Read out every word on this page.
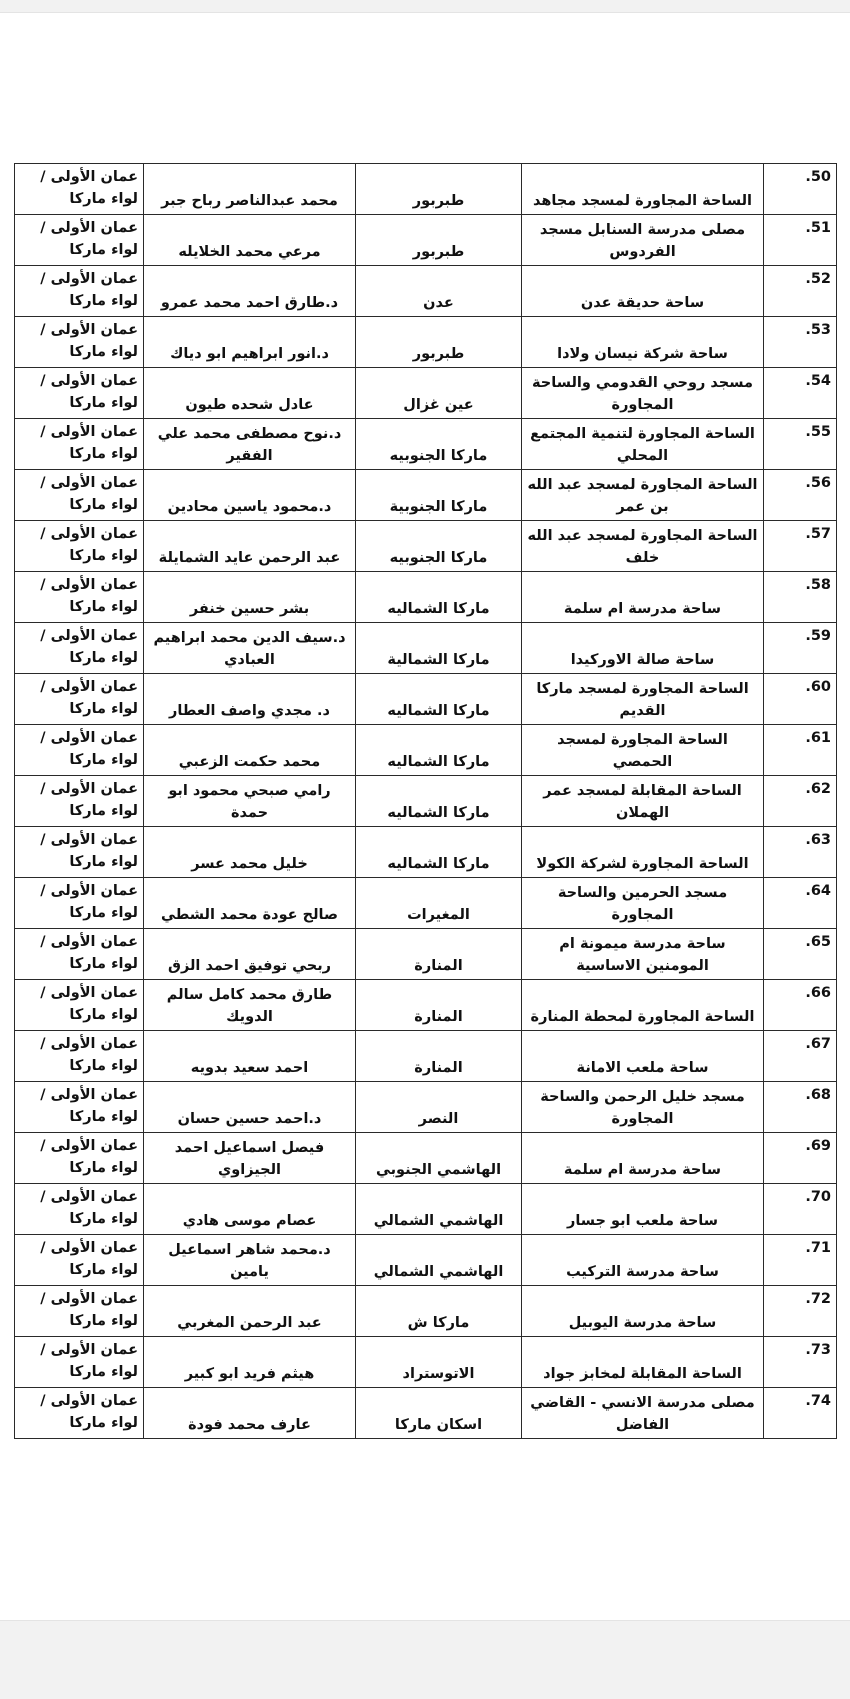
.50	الساحة المجاورة لمسجد مجاهد	طبربور	محمد عبدالناصر رباح جبر	عمان الأولى / لواء ماركا
.51	مصلى مدرسة السنابل مسجد الفردوس	طبربور	مرعي محمد الخلايله	عمان الأولى / لواء ماركا
.52	ساحة حديقة عدن	عدن	د.طارق احمد محمد عمرو	عمان الأولى / لواء ماركا
.53	ساحة شركة نيسان ولادا	طبربور	د.انور ابراهيم ابو دياك	عمان الأولى / لواء ماركا
.54	مسجد روحي القدومي والساحة المجاورة	عين غزال	عادل شحده طيون	عمان الأولى / لواء ماركا
.55	الساحة المجاورة لتنمية المجتمع المحلي	ماركا الجنوبيه	د.نوح مصطفى محمد علي الفقير	عمان الأولى / لواء ماركا
.56	الساحة المجاورة لمسجد عبد الله بن عمر	ماركا الجنوبية	د.محمود ياسين محادين	عمان الأولى / لواء ماركا
.57	الساحة المجاورة لمسجد عبد الله خلف	ماركا الجنوبيه	عبد الرحمن عايد الشمايلة	عمان الأولى / لواء ماركا
.58	ساحة مدرسة ام سلمة	ماركا الشماليه	بشر حسين خنفر	عمان الأولى / لواء ماركا
.59	ساحة صالة الاوركيدا	ماركا الشمالية	د.سيف الدين محمد ابراهيم العبادي	عمان الأولى / لواء ماركا
.60	الساحة المجاورة لمسجد ماركا القديم	ماركا الشماليه	د. مجدي واصف العطار	عمان الأولى / لواء ماركا
.61	الساحة المجاورة لمسجد الحمصي	ماركا الشماليه	محمد حكمت الزعبي	عمان الأولى / لواء ماركا
.62	الساحة المقابلة لمسجد عمر الهملان	ماركا الشماليه	رامي صبحي محمود ابو حمدة	عمان الأولى / لواء ماركا
.63	الساحة المجاورة لشركة الكولا	ماركا الشماليه	خليل محمد عسر	عمان الأولى / لواء ماركا
.64	مسجد الحرمين والساحة المجاورة	المغيرات	صالح عودة محمد الشطي	عمان الأولى / لواء ماركا
.65	ساحة مدرسة ميمونة ام المومنين الاساسية	المنارة	ربحي توفيق احمد الزق	عمان الأولى / لواء ماركا
.66	الساحة المجاورة لمحطة المنارة	المنارة	طارق محمد كامل سالم الدويك	عمان الأولى / لواء ماركا
.67	ساحة ملعب الامانة	المنارة	احمد سعيد بدويه	عمان الأولى / لواء ماركا
.68	مسجد خليل الرحمن والساحة المجاورة	النصر	د.احمد حسين حسان	عمان الأولى / لواء ماركا
.69	ساحة مدرسة ام سلمة	الهاشمي الجنوبي	فيصل اسماعيل احمد الجيزاوي	عمان الأولى / لواء ماركا
.70	ساحة ملعب ابو جسار	الهاشمي الشمالي	عصام موسى هادي	عمان الأولى / لواء ماركا
.71	ساحة مدرسة التركيب	الهاشمي الشمالي	د.محمد شاهر اسماعيل يامين	عمان الأولى / لواء ماركا
.72	ساحة مدرسة اليوبيل	ماركا ش	عبد الرحمن المغربي	عمان الأولى / لواء ماركا
.73	الساحة المقابلة لمخابز جواد	الاتوستراد	هيثم فريد ابو كبير	عمان الأولى / لواء ماركا
.74	مصلى مدرسة الانسي - القاضي الفاضل	اسكان ماركا	عارف محمد فودة	عمان الأولى / لواء ماركا
